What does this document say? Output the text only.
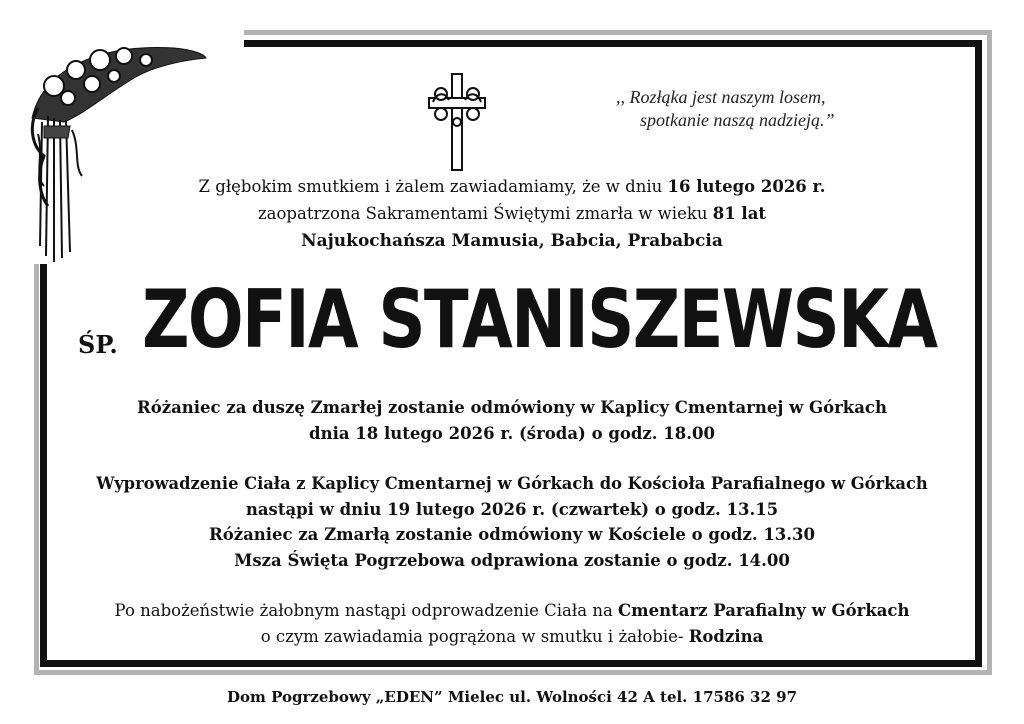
,, Rozłąka jest naszym losem,

spotkanie naszą nadzieją.”
Z głębokim smutkiem i żalem zawiadamiamy, że w dniu 16 lutego 2026 r.
zaopatrzona Sakramentami Świętymi zmarła w wieku 81 lat
Najukochańsza Mamusia, Babcia, Prababcia
ŚP. ZOFIA STANISZEWSKA
Różaniec za duszę Zmarłej zostanie odmówiony w Kaplicy Cmentarnej w Górkach
dnia 18 lutego 2026 r. (środa) o godz. 18.00
Wyprowadzenie Ciała z Kaplicy Cmentarnej w Górkach do Kościoła Parafialnego w Górkach
nastąpi w dniu 19 lutego 2026 r. (czwartek) o godz. 13.15
Różaniec za Zmarłą zostanie odmówiony w Kościele o godz. 13.30
Msza Święta Pogrzebowa odprawiona zostanie o godz. 14.00
Po nabożeństwie żałobnym nastąpi odprowadzenie Ciała na Cmentarz Parafialny w Górkach
o czym zawiadamia pogrążona w smutku i żałobie- Rodzina
Dom Pogrzebowy „EDEN” Mielec ul. Wolności 42 A tel. 17586 32 97
